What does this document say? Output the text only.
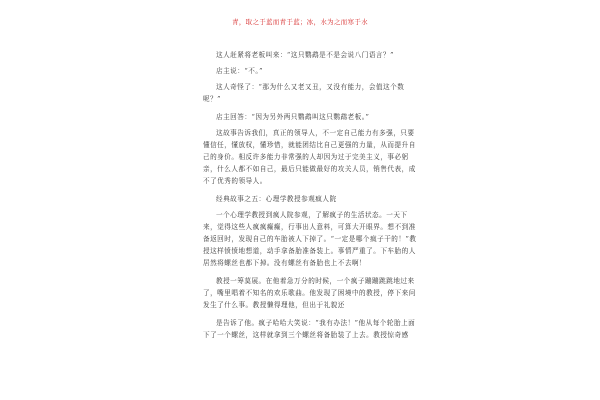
青，取之于蓝而青于蓝；冰，水为之而寒于水

这人赶紧将老板叫来：“这只鹦鹉是不是会说八门语言？”

店主说：“不。”

这人奇怪了：“那为什么又老又丑，又没有能力，会值这个数呢？”

店主回答：“因为另外两只鹦鹉叫这只鹦鹉老板。”

这故事告诉我们，真正的领导人，不一定自己能力有多强，只要懂信任，懂放权，懂珍惜，就能团结比自己更强的力量，从而提升自己的身价。相反许多能力非常强的人却因为过于完美主义，事必躬亲，什么人都不如自己，最后只能做最好的攻关人员，销售代表，成不了优秀的领导人。

经典故事之五：心理学教授参观疯人院

一个心理学教授到疯人院参观，了解疯子的生活状态。一天下来，觉得这些人疯疯癫癫，行事出人意料，可算大开眼界。想不到准备返回时，发现自己的车胎被人下掉了。“一定是哪个疯子干的！”教授这样愤愤地想道，动手拿备胎准备装上。事情严重了。下车胎的人居然将螺丝也都下掉。没有螺丝有备胎也上不去啊！

教授一筹莫展。在他着急万分的时候，一个疯子蹦蹦跳跳地过来了，嘴里唱着不知名的欢乐歌曲。他发现了困境中的教授，停下来问发生了什么事。教授懒得理他，但出于礼貌还

是告诉了他。疯子哈哈大笑说：“我有办法！”他从每个轮胎上面下了一个螺丝，这样就拿到三个螺丝将备胎装了上去。教授惊奇感
